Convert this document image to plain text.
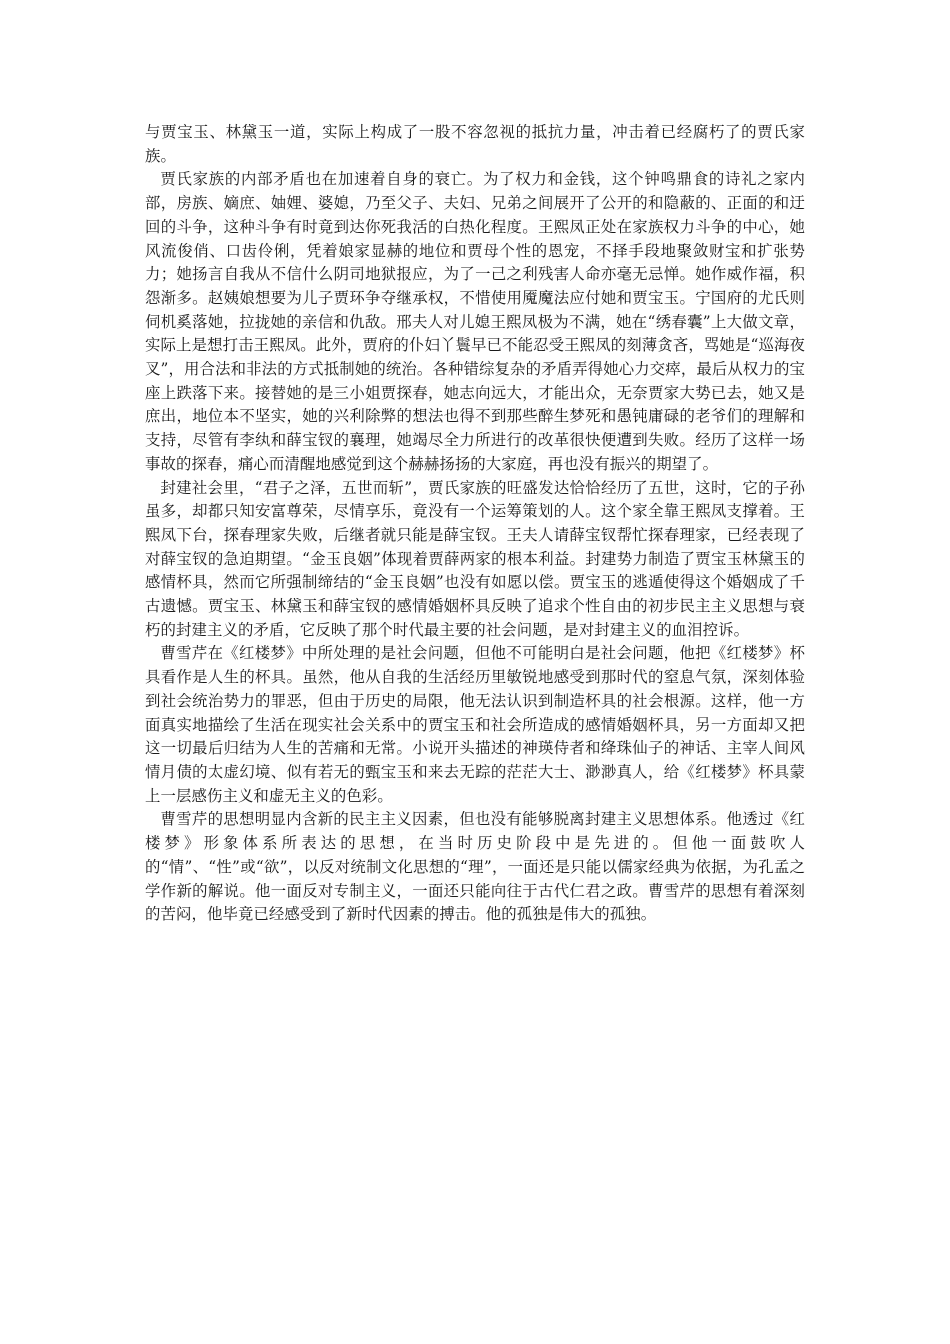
与贾宝玉、林黛玉一道，实际上构成了一股不容忽视的抵抗力量，冲击着已经腐朽了的贾氏家族。

贾氏家族的内部矛盾也在加速着自身的衰亡。为了权力和金钱，这个钟鸣鼎食的诗礼之家内部，房族、嫡庶、妯娌、婆媳，乃至父子、夫妇、兄弟之间展开了公开的和隐蔽的、正面的和迂回的斗争，这种斗争有时竟到达你死我活的白热化程度。王熙凤正处在家族权力斗争的中心，她风流俊俏、口齿伶俐，凭着娘家显赫的地位和贾母个性的恩宠，不择手段地聚敛财宝和扩张势力；她扬言自我从不信什么阴司地狱报应，为了一己之利残害人命亦毫无忌惮。她作威作福，积怨渐多。赵姨娘想要为儿子贾环争夺继承权，不惜使用魇魔法应付她和贾宝玉。宁国府的尤氏则伺机奚落她，拉拢她的亲信和仇敌。邢夫人对儿媳王熙凤极为不满，她在“绣春囊”上大做文章，实际上是想打击王熙凤。此外，贾府的仆妇丫鬟早已不能忍受王熙凤的刻薄贪吝，骂她是“巡海夜叉”，用合法和非法的方式抵制她的统治。各种错综复杂的矛盾弄得她心力交瘁，最后从权力的宝座上跌落下来。接替她的是三小姐贾探春，她志向远大，才能出众，无奈贾家大势已去，她又是庶出，地位本不坚实，她的兴利除弊的想法也得不到那些醉生梦死和愚钝庸碌的老爷们的理解和支持，尽管有李纨和薛宝钗的襄理，她竭尽全力所进行的改革很快便遭到失败。经历了这样一场事故的探春，痛心而清醒地感觉到这个赫赫扬扬的大家庭，再也没有振兴的期望了。

封建社会里，“君子之泽，五世而斩”，贾氏家族的旺盛发达恰恰经历了五世，这时，它的子孙虽多，却都只知安富尊荣，尽情享乐，竟没有一个运筹策划的人。这个家全靠王熙凤支撑着。王熙凤下台，探春理家失败，后继者就只能是薛宝钗。王夫人请薛宝钗帮忙探春理家，已经表现了对薛宝钗的急迫期望。“金玉良姻”体现着贾薛两家的根本利益。封建势力制造了贾宝玉林黛玉的感情杯具，然而它所强制缔结的“金玉良姻”也没有如愿以偿。贾宝玉的逃遁使得这个婚姻成了千古遗憾。贾宝玉、林黛玉和薛宝钗的感情婚姻杯具反映了追求个性自由的初步民主主义思想与衰朽的封建主义的矛盾，它反映了那个时代最主要的社会问题，是对封建主义的血泪控诉。

曹雪芹在《红楼梦》中所处理的是社会问题，但他不可能明白是社会问题，他把《红楼梦》杯具看作是人生的杯具。虽然，他从自我的生活经历里敏锐地感受到那时代的窒息气氛，深刻体验到社会统治势力的罪恶，但由于历史的局限，他无法认识到制造杯具的社会根源。这样，他一方面真实地描绘了生活在现实社会关系中的贾宝玉和社会所造成的感情婚姻杯具，另一方面却又把这一切最后归结为人生的苦痛和无常。小说开头描述的神瑛侍者和绛珠仙子的神话、主宰人间风情月债的太虚幻境、似有若无的甄宝玉和来去无踪的茫茫大士、渺渺真人，给《红楼梦》杯具蒙上一层感伤主义和虚无主义的色彩。

曹雪芹的思想明显内含新的民主主义因素，但也没有能够脱离封建主义思想体系。他透过《红楼梦》形象体系所表达的思想，在当时历史阶段中是先进的。但他一面鼓吹人的“情”、“性”或“欲”，以反对统制文化思想的“理”，一面还是只能以儒家经典为依据，为孔孟之学作新的解说。他一面反对专制主义，一面还只能向往于古代仁君之政。曹雪芹的思想有着深刻的苦闷，他毕竟已经感受到了新时代因素的搏击。他的孤独是伟大的孤独。
